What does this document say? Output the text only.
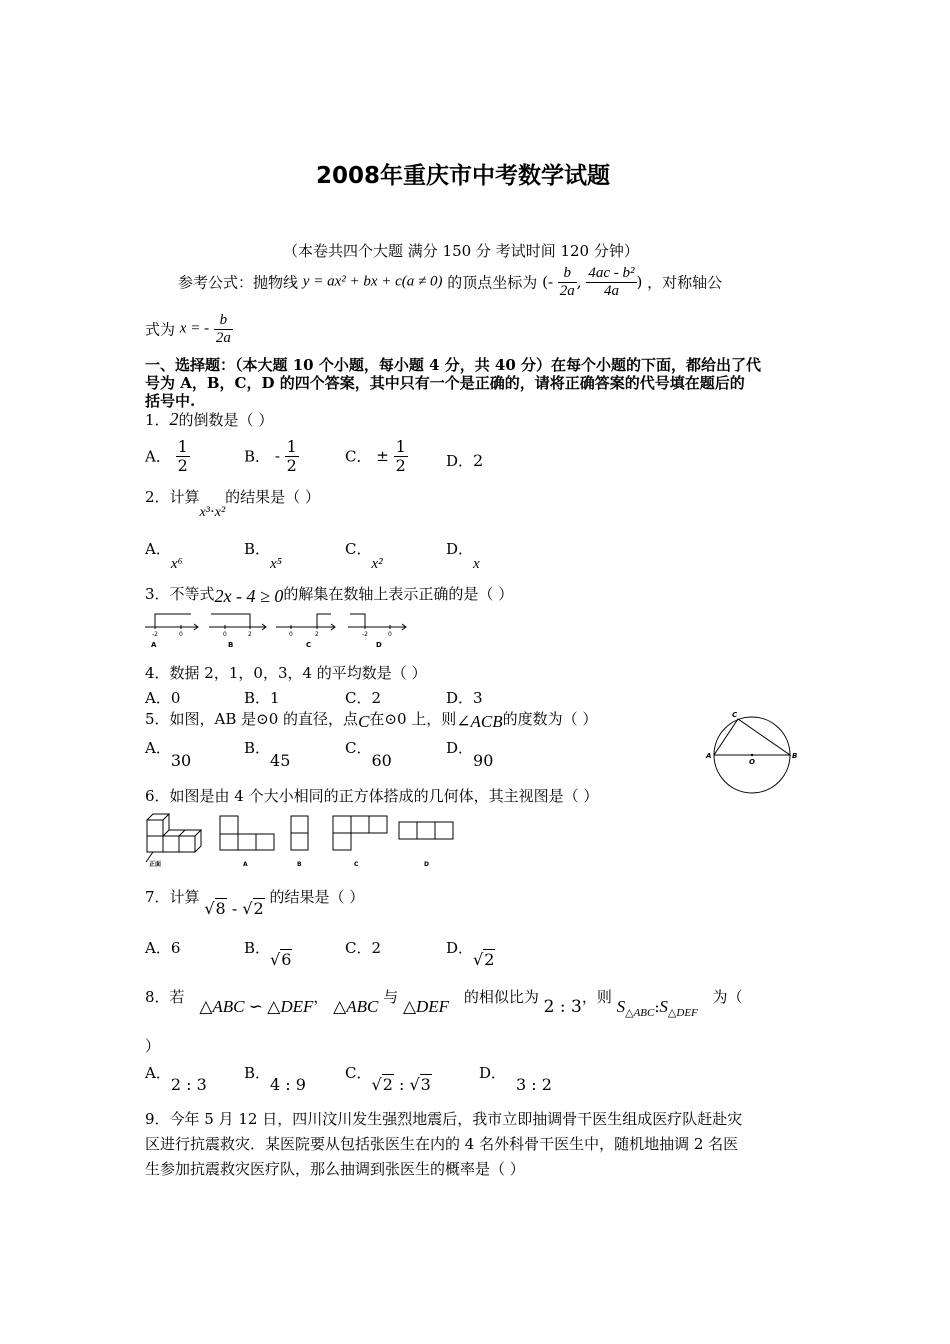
2008年重庆市中考数学试题
（本卷共四个大题 满分 150 分 考试时间 120 分钟）
参考公式：抛物线 y = ax² + bx + c(a ≠ 0) 的顶点坐标为 (- $\frac{b}{2a}$ , $\frac{\text{4ac - b²}}{4a}$ ) ，对称轴公
式为 x = - $\frac{b}{2a}$
一、选择题：（本大题 10 个小题，每小题 4 分，共 40 分）在每个小题的下面，都给出了代
号为 A，B，C，D 的四个答案，其中只有一个是正确的，请将正确答案的代号填在题后的
括号中.
1．2的倒数是（ ）
A． $\frac{1}{2}$	B． - $\frac{1}{2}$	C． ± $\frac{1}{2}$	D．2
2．计算x³⋅x²的结果是（ ）
A．x⁶
B．x⁵
C．x²
D．x
3．不等式2x - 4 ≥ 0的解集在数轴上表示正确的是（ ）
-2	0	0	2	0	2	-2	0
A	B	C	D
4．数据 2，1，0，3，4 的平均数是（ ）
A．0	B．1	C．2	D．3
5．如图，AB 是⊙0 的直径，点C在⊙0 上，则∠ACB的度数为（ ）
A．30
B．45
C．60
D．90
C
A
O
B
6．如图是由 4 个大小相同的正方体搭成的几何体，其主视图是（ ）
正面	A	B	C	D
7．计算 √8 - √2 的结果是（ ）
A．6	B．√6
C．2	D．√2
8．若 △ABC ∽ △DEF， △ABC 与 △DEF 的相似比为 2 : 3，则 $S_{\triangle ABC}:S_{\triangle DEF}$ 为（
）
A．2 : 3
B．4 : 9
C．√2 : √3
D．3 : 2
9．今年 5 月 12 日，四川汶川发生强烈地震后，我市立即抽调骨干医生组成医疗队赶赴灾
区进行抗震救灾．某医院要从包括张医生在内的 4 名外科骨干医生中，随机地抽调 2 名医
生参加抗震救灾医疗队，那么抽调到张医生的概率是（ ）
